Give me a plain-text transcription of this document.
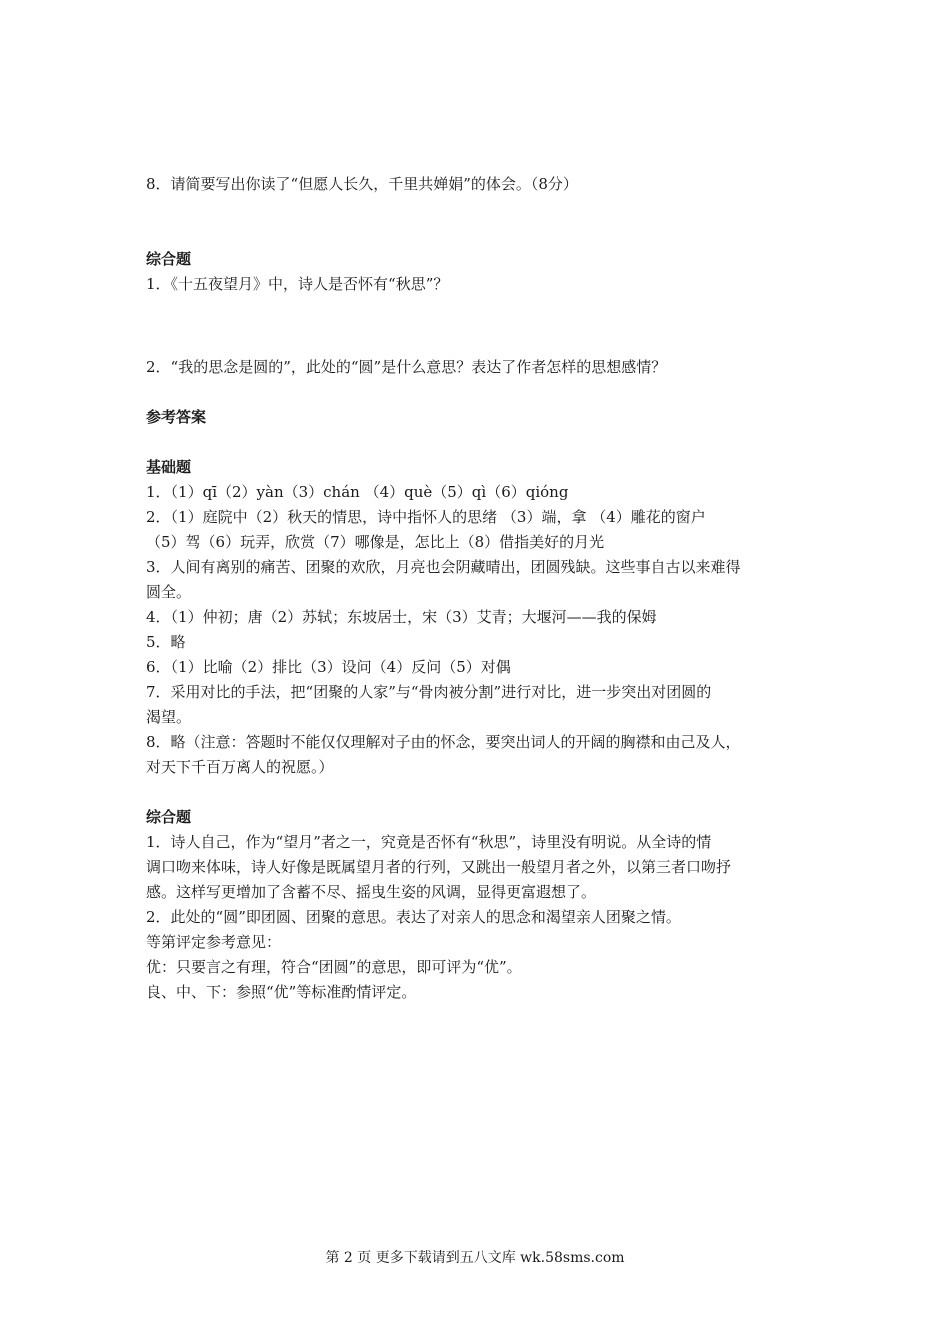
8．请简要写出你读了“但愿人长久，千里共婵娟”的体会。（8分）

综合题

1．《十五夜望月》中，诗人是否怀有“秋思”？

2．“我的思念是圆的”，此处的“圆”是什么意思？表达了作者怎样的思想感情？

参考答案

基础题

1．（1）qī（2）yàn（3）chán （4）què（5）qì（6）qióng

2．（1）庭院中（2）秋天的情思，诗中指怀人的思绪 （3）端，拿 （4）雕花的窗户

（5）驾（6）玩弄，欣赏（7）哪像是，怎比上（8）借指美好的月光

3．人间有离别的痛苦、团聚的欢欣，月亮也会阴藏晴出，团圆残缺。这些事自古以来难得

圆全。

4．（1）仲初；唐（2）苏轼；东坡居士，宋（3）艾青；大堰河——我的保姆

5．略

6．（1）比喻（2）排比（3）设问（4）反问（5）对偶

7．采用对比的手法，把“团聚的人家”与“骨肉被分割”进行对比，进一步突出对团圆的

渴望。

8．略（注意：答题时不能仅仅理解对子由的怀念，要突出词人的开阔的胸襟和由己及人，

对天下千百万离人的祝愿。）

综合题

1．诗人自己，作为“望月”者之一，究竟是否怀有“秋思”，诗里没有明说。从全诗的情

调口吻来体味，诗人好像是既属望月者的行列，又跳出一般望月者之外，以第三者口吻抒

感。这样写更增加了含蓄不尽、摇曳生姿的风调，显得更富遐想了。

2．此处的“圆”即团圆、团聚的意思。表达了对亲人的思念和渴望亲人团聚之情。

等第评定参考意见：

优：只要言之有理，符合“团圆”的意思，即可评为“优”。

良、中、下：参照“优”等标准酌情评定。

第 2 页 更多下载请到五八文库 wk.58sms.com
